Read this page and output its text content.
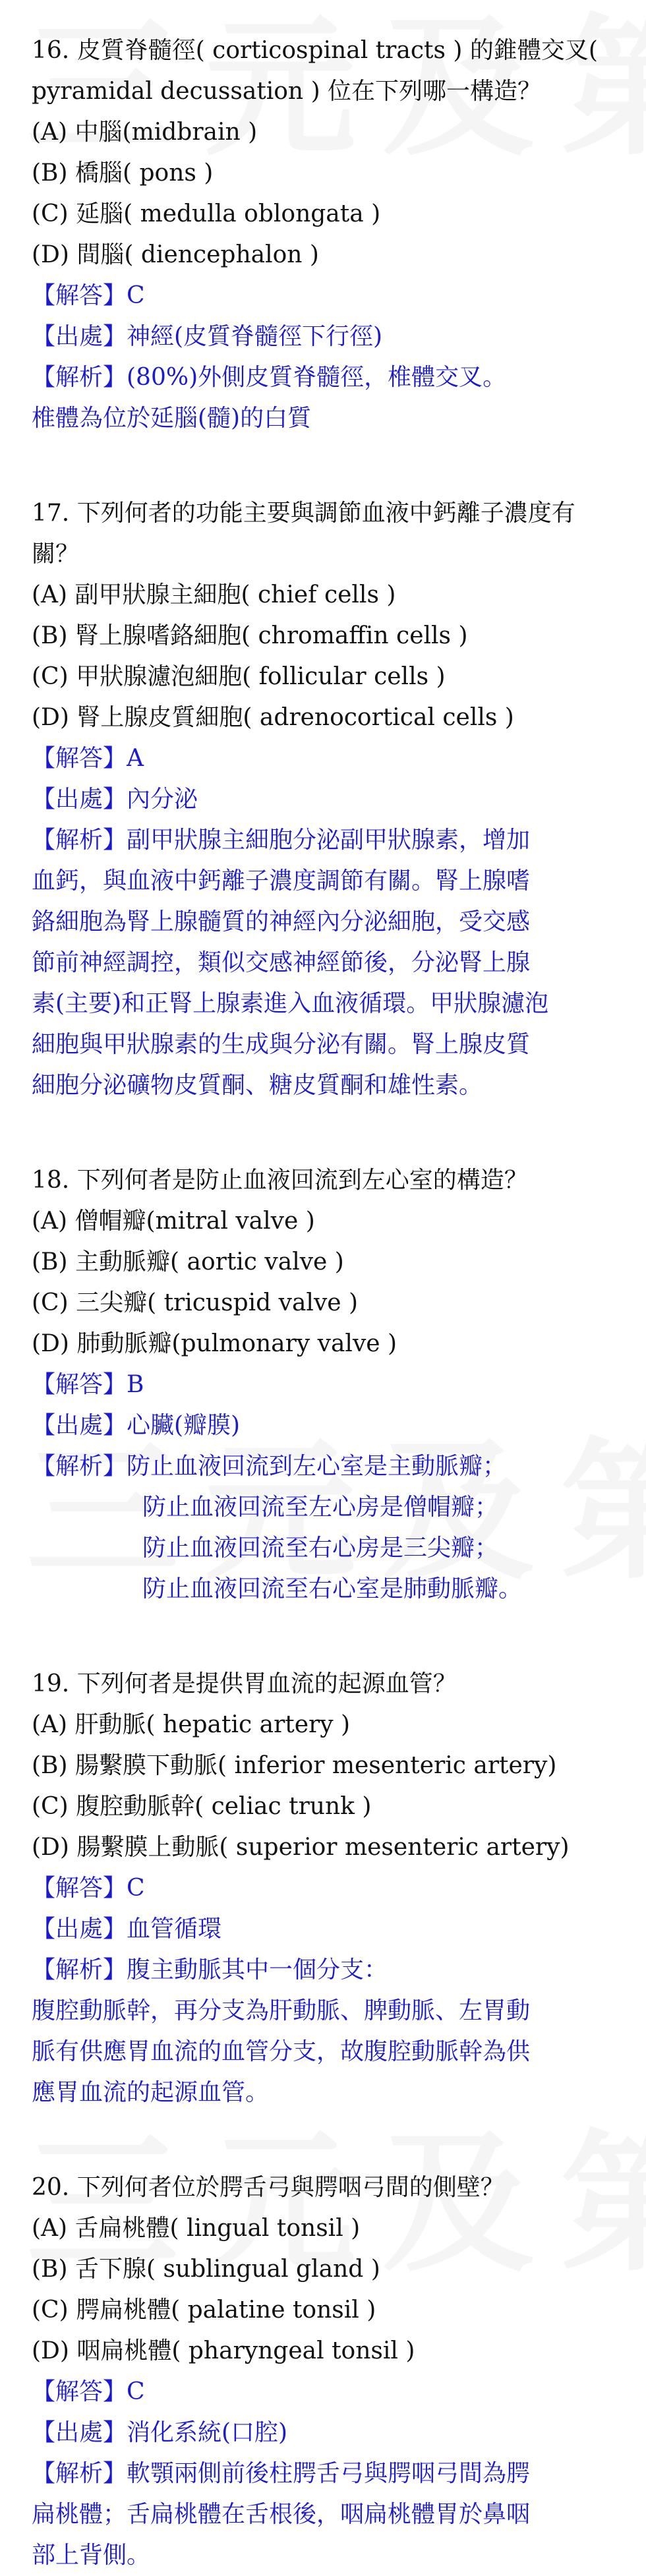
16. 皮質脊髓徑( corticospinal tracts ) 的錐體交叉( pyramidal decussation ) 位在下列哪一構造？

(A) 中腦(midbrain )

(B) 橋腦( pons )

(C) 延腦( medulla oblongata )

(D) 間腦( diencephalon )

【解答】C

【出處】神經(皮質脊髓徑下行徑)

【解析】(80%)外側皮質脊髓徑，椎體交叉。

椎體為位於延腦(髓)的白質

17. 下列何者的功能主要與調節血液中鈣離子濃度有關？

(A) 副甲狀腺主細胞( chief cells )

(B) 腎上腺嗜鉻細胞( chromaffin cells )

(C) 甲狀腺濾泡細胞( follicular cells )

(D) 腎上腺皮質細胞( adrenocortical cells )

【解答】A

【出處】內分泌

【解析】副甲狀腺主細胞分泌副甲狀腺素，增加

血鈣，與血液中鈣離子濃度調節有關。腎上腺嗜

鉻細胞為腎上腺髓質的神經內分泌細胞，受交感

節前神經調控，類似交感神經節後，分泌腎上腺

素(主要)和正腎上腺素進入血液循環。甲狀腺濾泡

細胞與甲狀腺素的生成與分泌有關。腎上腺皮質

細胞分泌礦物皮質酮、糖皮質酮和雄性素。

18. 下列何者是防止血液回流到左心室的構造？

(A) 僧帽瓣(mitral valve )

(B) 主動脈瓣( aortic valve )

(C) 三尖瓣( tricuspid valve )

(D) 肺動脈瓣(pulmonary valve )

【解答】B

【出處】心臟(瓣膜)

【解析】防止血液回流到左心室是主動脈瓣；

防止血液回流至左心房是僧帽瓣；

防止血液回流至右心房是三尖瓣；

防止血液回流至右心室是肺動脈瓣。

19. 下列何者是提供胃血流的起源血管？

(A) 肝動脈( hepatic artery )

(B) 腸繫膜下動脈( inferior mesenteric artery)

(C) 腹腔動脈幹( celiac trunk )

(D) 腸繫膜上動脈( superior mesenteric artery)

【解答】C

【出處】血管循環

【解析】腹主動脈其中一個分支：

腹腔動脈幹，再分支為肝動脈、脾動脈、左胃動

脈有供應胃血流的血管分支，故腹腔動脈幹為供

應胃血流的起源血管。

20. 下列何者位於腭舌弓與腭咽弓間的側壁？

(A) 舌扁桃體( lingual tonsil )

(B) 舌下腺( sublingual gland )

(C) 腭扁桃體( palatine tonsil )

(D) 咽扁桃體( pharyngeal tonsil )

【解答】C

【出處】消化系統(口腔)

【解析】軟顎兩側前後柱腭舌弓與腭咽弓間為腭

扁桃體；舌扁桃體在舌根後，咽扁桃體胃於鼻咽

部上背側。
